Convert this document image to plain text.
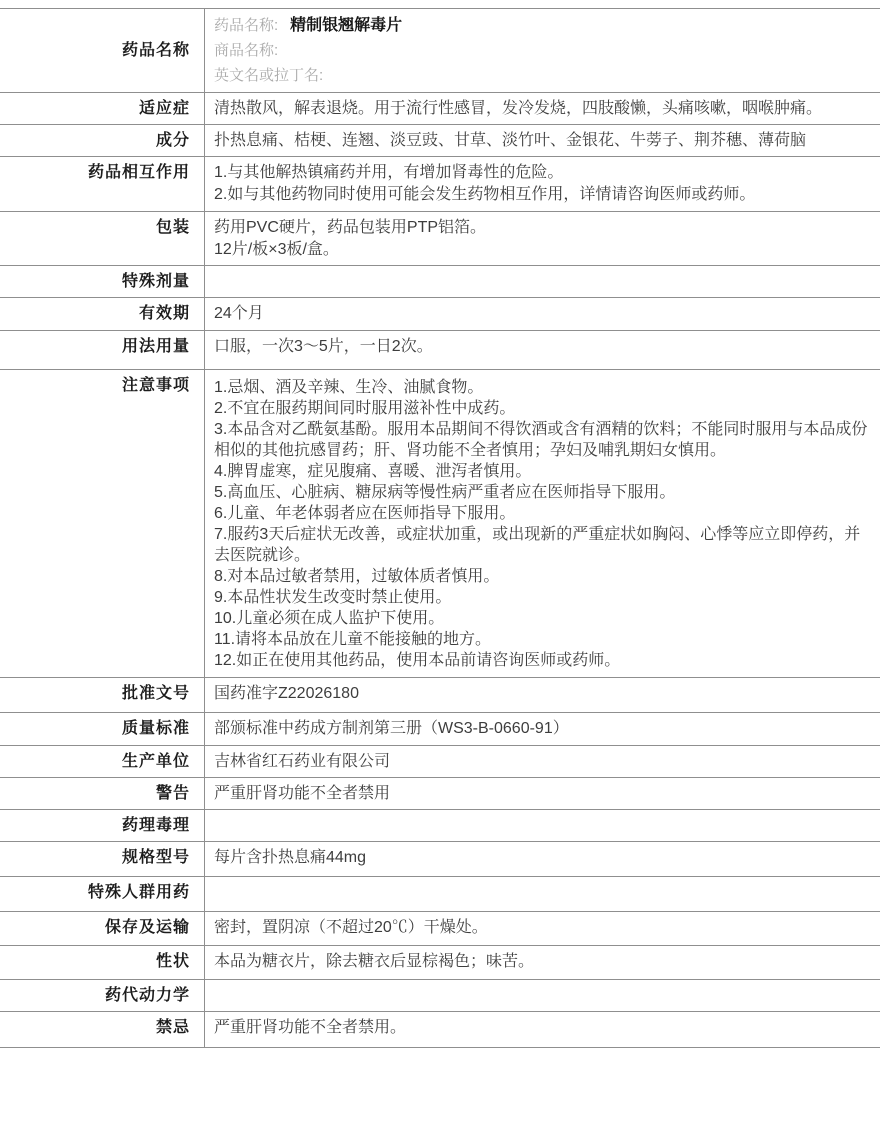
药品名称
药品名称: 精制银翘解毒片
商品名称:
英文名或拉丁名:
适应症	清热散风，解表退烧。用于流行性感冒，发冷发烧，四肢酸懒，头痛咳嗽，咽喉肿痛。
成分	扑热息痛、桔梗、连翘、淡豆豉、甘草、淡竹叶、金银花、牛蒡子、荆芥穗、薄荷脑
药品相互作用	1.与其他解热镇痛药并用，有增加肾毒性的危险。
2.如与其他药物同时使用可能会发生药物相互作用，详情请咨询医师或药师。
包装	药用PVC硬片，药品包装用PTP铝箔。
12片/板×3板/盒。
特殊剂量
有效期	24个月
用法用量	口服，一次3～5片，一日2次。
注意事项	1.忌烟、酒及辛辣、生冷、油腻食物。
2.不宜在服药期间同时服用滋补性中成药。
3.本品含对乙酰氨基酚。服用本品期间不得饮酒或含有酒精的饮料；不能同时服用与本品成份相似的其他抗感冒药；肝、肾功能不全者慎用；孕妇及哺乳期妇女慎用。
4.脾胃虚寒，症见腹痛、喜暖、泄泻者慎用。
5.高血压、心脏病、糖尿病等慢性病严重者应在医师指导下服用。
6.儿童、年老体弱者应在医师指导下服用。
7.服药3天后症状无改善，或症状加重，或出现新的严重症状如胸闷、心悸等应立即停药，并去医院就诊。
8.对本品过敏者禁用，过敏体质者慎用。
9.本品性状发生改变时禁止使用。
10.儿童必须在成人监护下使用。
11.请将本品放在儿童不能接触的地方。
12.如正在使用其他药品，使用本品前请咨询医师或药师。
批准文号	国药准字Z22026180
质量标准	部颁标准中药成方制剂第三册（WS3-B-0660-91）
生产单位	吉林省红石药业有限公司
警告	严重肝肾功能不全者禁用
药理毒理
规格型号	每片含扑热息痛44mg
特殊人群用药
保存及运输	密封，置阴凉（不超过20℃）干燥处。
性状	本品为糖衣片，除去糖衣后显棕褐色；味苦。
药代动力学
禁忌	严重肝肾功能不全者禁用。
